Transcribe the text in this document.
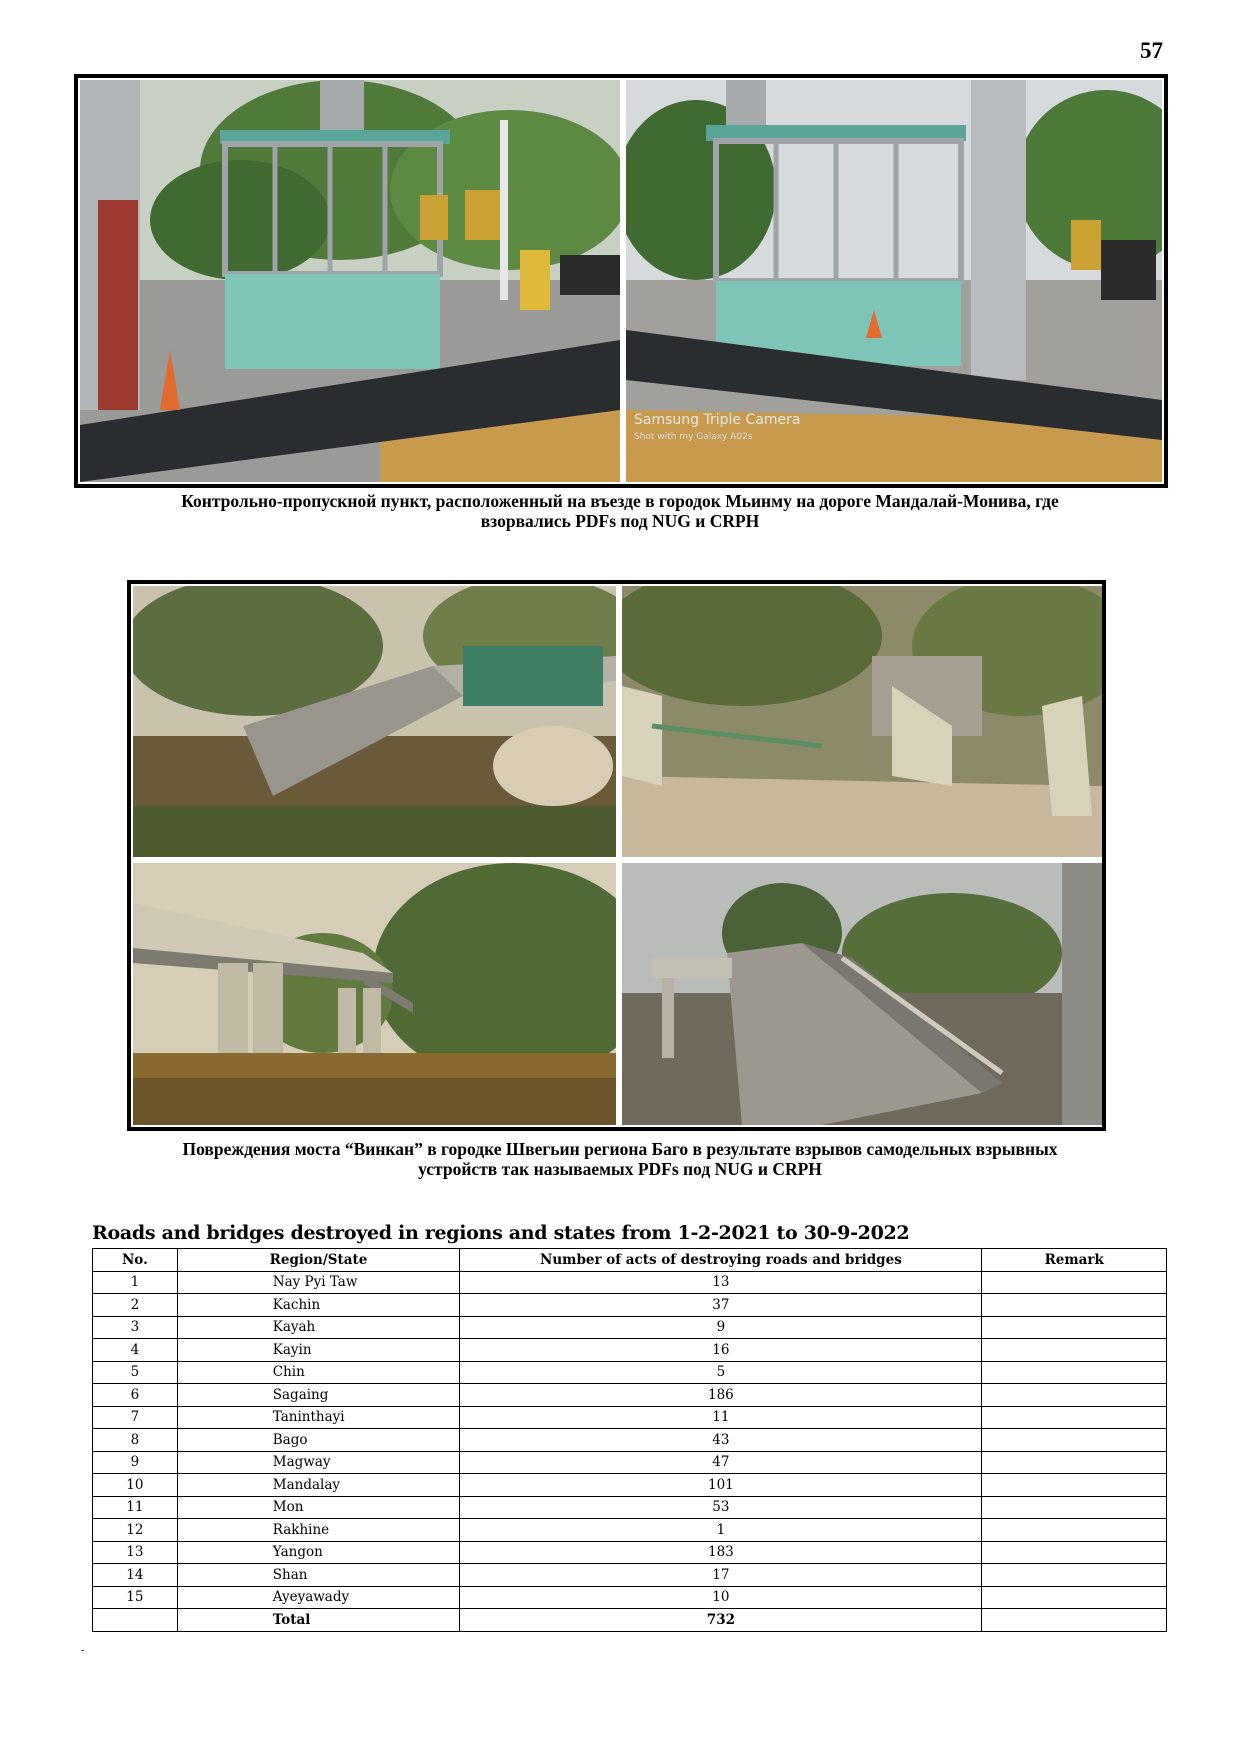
57
Samsung Triple Camera
Shot with my Galaxy A02s
Контрольно-пропускной пункт, расположенный на въезде в городок Мьинму на дороге Мандалай-Монива, где
взорвались PDFs под NUG и CRPH
Повреждения моста “Винкан” в городке Швегьин региона Баго в результате взрывов самодельных взрывных
устройств так называемых PDFs под NUG и CRPH
Roads and bridges destroyed in regions and states from 1-2-2021 to 30-9-2022
No.	Region/State	Number of acts of destroying roads and bridges	Remark
1	Nay Pyi Taw	13	
2	Kachin	37	
3	Kayah	9	
4	Kayin	16	
5	Chin	5	
6	Sagaing	186	
7	Taninthayi	11	
8	Bago	43	
9	Magway	47	
10	Mandalay	101	
11	Mon	53	
12	Rakhine	1	
13	Yangon	183	
14	Shan	17	
15	Ayeyawady	10	
	Total	732	
-
